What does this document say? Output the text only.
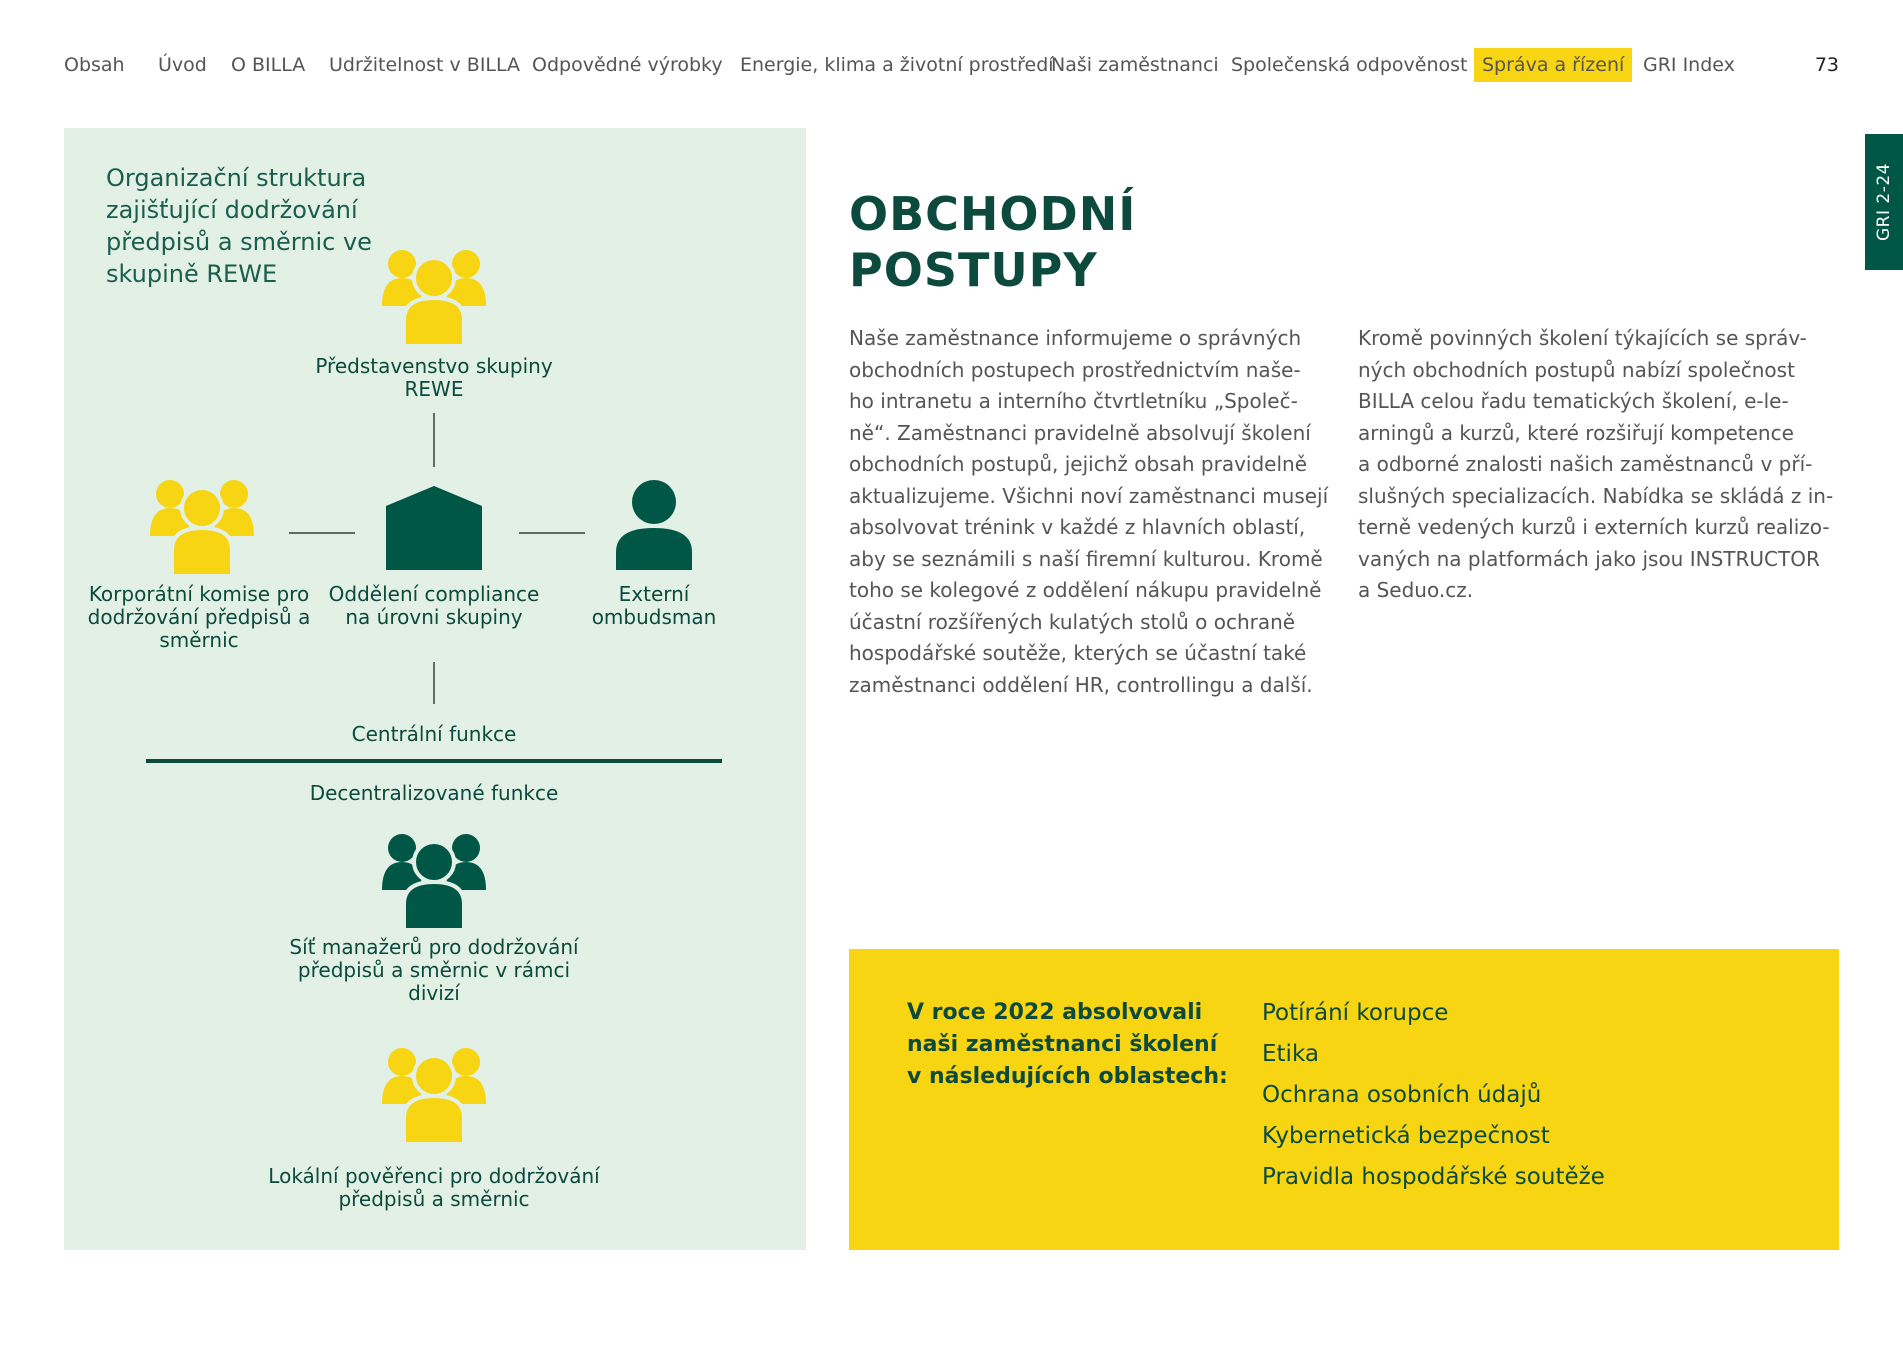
Obsah Úvod O BILLA Udržitelnost v BILLA Odpovědné výrobky Energie, klima a životní prostředí
Naši zaměstnanci Společenská odpověnost Správa a řízení GRI Index	73
GRI 2-24
Organizační struktura zajišťující dodržování předpisů a směrnic ve skupině REWE
Představenstvo skupiny REWE
Korporátní komise pro dodržování předpisů a směrnic
Oddělení compliance na úrovni skupiny
Externí ombudsman
Centrální funkce
Decentralizované funkce
Síť manažerů pro dodržování předpisů a směrnic v rámci divizí
Lokální pověřenci pro dodržování předpisů a směrnic
OBCHODNÍ
POSTUPY
Naše zaměstnance informujeme o správných
obchodních postupech prostřednictvím naše-
ho intranetu a interního čtvrtletníku „Společ-
ně“. Zaměstnanci pravidelně absolvují školení
obchodních postupů, jejichž obsah pravidelně
aktualizujeme. Všichni noví zaměstnanci musejí
absolvovat trénink v každé z hlavních oblastí,
aby se seznámili s naší firemní kulturou. Kromě
toho se kolegové z oddělení nákupu pravidelně
účastní rozšířených kulatých stolů o ochraně
hospodářské soutěže, kterých se účastní také
zaměstnanci oddělení HR, controllingu a další.
Kromě povinných školení týkajících se správ-
ných obchodních postupů nabízí společnost
BILLA celou řadu tematických školení, e-le-
arningů a kurzů, které rozšiřují kompetence
a odborné znalosti našich zaměstnanců v pří-
slušných specializacích. Nabídka se skládá z in-
terně vedených kurzů i externích kurzů realizo-
vaných na platformách jako jsou INSTRUCTOR
a Seduo.cz.
V roce 2022 absolvovali
naši zaměstnanci školení
v následujících oblastech:
Potírání korupce
Etika
Ochrana osobních údajů
Kybernetická bezpečnost
Pravidla hospodářské soutěže
